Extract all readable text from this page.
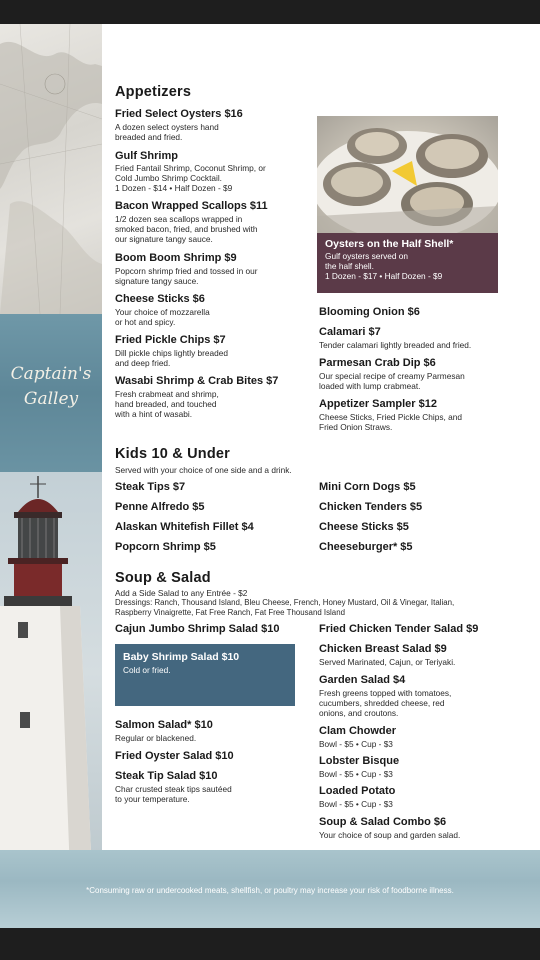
Captain's
Galley
*Consuming raw or undercooked meats, shellfish, or poultry may increase your risk of foodborne illness.
Appetizers
Fried Select Oysters $16
A dozen select oysters hand
breaded and fried.
Gulf Shrimp
Fried Fantail Shrimp, Coconut Shrimp, or
Cold Jumbo Shrimp Cocktail.
1 Dozen - $14 • Half Dozen - $9
Bacon Wrapped Scallops $11
1/2 dozen sea scallops wrapped in
smoked bacon, fried, and brushed with
our signature tangy sauce.
Boom Boom Shrimp $9
Popcorn shrimp fried and tossed in our
signature tangy sauce.
Cheese Sticks $6
Your choice of mozzarella
or hot and spicy.
Fried Pickle Chips $7
Dill pickle chips lightly breaded
and deep fried.
Wasabi Shrimp & Crab Bites $7
Fresh crabmeat and shrimp,
hand breaded, and touched
with a hint of wasabi.
Oysters on the Half Shell*
Gulf oysters served on
the half shell.
1 Dozen - $17 • Half Dozen - $9
Blooming Onion $6
Calamari $7
Tender calamari lightly breaded and fried.
Parmesan Crab Dip $6
Our special recipe of creamy Parmesan
loaded with lump crabmeat.
Appetizer Sampler $12
Cheese Sticks, Fried Pickle Chips, and
Fried Onion Straws.
Kids 10 & Under
Served with your choice of one side and a drink.
Steak Tips $7
Penne Alfredo $5
Alaskan Whitefish Fillet $4
Popcorn Shrimp $5
Mini Corn Dogs $5
Chicken Tenders $5
Cheese Sticks $5
Cheeseburger* $5
Soup & Salad
Add a Side Salad to any Entrée - $2
Dressings: Ranch, Thousand Island, Bleu Cheese, French, Honey Mustard, Oil & Vinegar, Italian,
Raspberry Vinaigrette, Fat Free Ranch, Fat Free Thousand Island
Cajun Jumbo Shrimp Salad $10
Baby Shrimp Salad $10
Cold or fried.
Salmon Salad* $10
Regular or blackened.
Fried Oyster Salad $10
Steak Tip Salad $10
Char crusted steak tips sautéed
to your temperature.
Fried Chicken Tender Salad $9
Chicken Breast Salad $9
Served Marinated, Cajun, or Teriyaki.
Garden Salad $4
Fresh greens topped with tomatoes,
cucumbers, shredded cheese, red
onions, and croutons.
Clam Chowder
Bowl - $5 • Cup - $3
Lobster Bisque
Bowl - $5 • Cup - $3
Loaded Potato
Bowl - $5 • Cup - $3
Soup & Salad Combo $6
Your choice of soup and garden salad.
